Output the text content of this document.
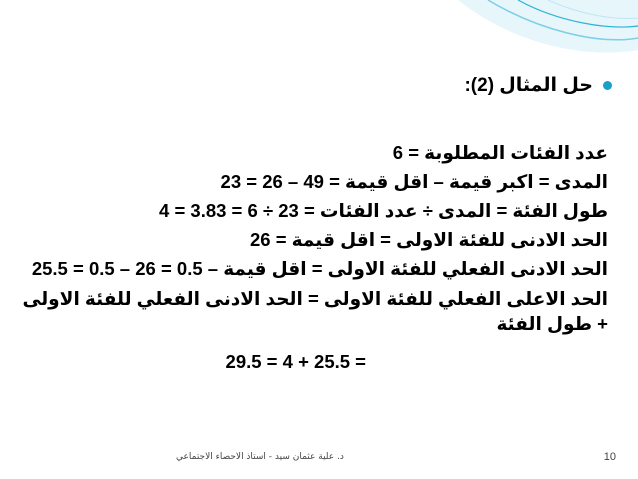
حل المثال (2):
عدد الفئات المطلوبة = 6
المدى = اكبر قيمة – اقل قيمة = 49 – 26 = 23
طول الفئة = المدى ÷ عدد الفئات = 23 ÷ 6 = 3.83 = 4
الحد الادنى للفئة الاولى = اقل قيمة = 26
الحد الادنى الفعلي للفئة الاولى = اقل قيمة – 0.5 = 26 – 0.5 = 25.5
الحد الاعلى الفعلي للفئة الاولى = الحد الادنى الفعلي للفئة الاولى + طول الفئة
= 25.5 + 4 = 29.5
د. علية عثمان سيد - استاذ الاحصاء الاجتماعي	10
